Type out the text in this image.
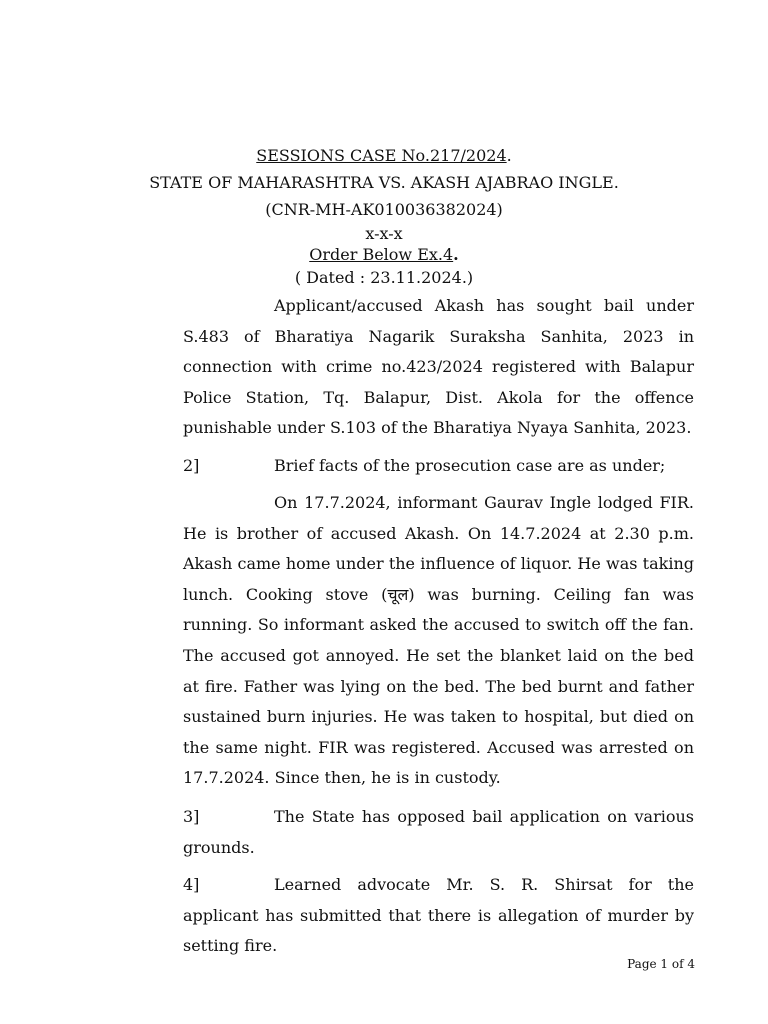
SESSIONS CASE No.217/2024.
STATE OF MAHARASHTRA VS. AKASH AJABRAO INGLE.
(CNR-MH-AK010036382024)
x-x-x
Order Below Ex.4.
( Dated : 23.11.2024.)
Applicant/accused Akash has sought bail under S.483 of Bharatiya Nagarik Suraksha Sanhita, 2023 in connection with crime no.423/2024 registered with Balapur Police Station, Tq. Balapur, Dist. Akola for the offence punishable under S.103 of the Bharatiya Nyaya Sanhita, 2023.
2]	Brief facts of the prosecution case are as under;
On 17.7.2024, informant Gaurav Ingle lodged FIR. He is brother of accused Akash. On 14.7.2024 at 2.30 p.m. Akash came home under the influence of liquor. He was taking lunch. Cooking stove (चूल) was burning. Ceiling fan was running. So informant asked the accused to switch off the fan. The accused got annoyed. He set the blanket laid on the bed at fire. Father was lying on the bed. The bed burnt and father sustained burn injuries. He was taken to hospital, but died on the same night. FIR was registered. Accused was arrested on 17.7.2024. Since then, he is in custody.
3]	The State has opposed bail application on various grounds.
4]	Learned advocate Mr. S. R. Shirsat for the applicant has submitted that there is allegation of murder by setting fire.
Page 1 of 4
